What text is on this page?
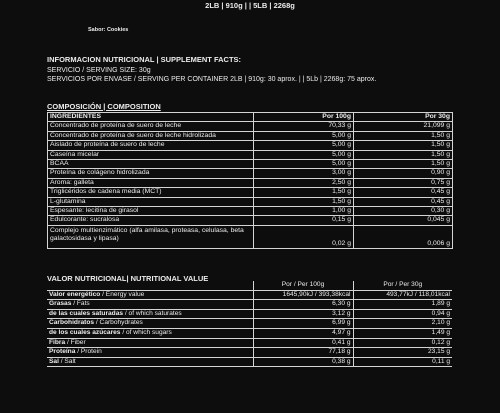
2LB | 910g | | 5LB | 2268g
Sabor: Cookies
INFORMACION NUTRICIONAL | SUPPLEMENT FACTS:
SERVICIO / SERVING SIZE: 30g
SERVICIOS POR ENVASE / SERVING PER CONTAINER 2LB | 910g: 30 aprox. | | 5Lb | 2268g: 75 aprox.
COMPOSICIÓN | COMPOSITION
INGREDIENTES	Por 100g	Por 30g
Concentrado de proteína de suero de leche	70,33 g	21,099 g
Concentrado de proteína de suero de leche hidrolizada	5,00 g	1,50 g
Aislado de proteína de suero de leche	5,00 g	1,50 g
Caseína micelar	5,00 g	1,50 g
BCAA	5,00 g	1,50 g
Proteína de colágeno hidrolizada	3,00 g	0,90 g
Aroma: galleta	2,50 g	0,75 g
Triglicéridos de cadena media (MCT)	1,50 g	0,45 g
L-glutamina	1,50 g	0,45 g
Espesante: lecitina de girasol	1,00 g	0,30 g
Edulcorante: sucralosa	0,15 g	0,045 g
Complejo multienzimático (alfa amilasa, proteasa, celulasa, beta galactosidasa y lipasa)	0,02 g	0,006 g
VALOR NUTRICIONAL| NUTRITIONAL VALUE
	Por / Per 100g	Por / Per 30g
Valor energético / Energy value	1645,90kJ / 393,38kcal	493,77kJ / 118,01kcal
Grasas / Fats	6,30 g	1,89 g
de las cuales saturadas / of which saturates	3,12 g	0,94 g
Carbohidratos / Carbohydrates	6,99 g	2,10 g
de los cuales azúcares / of which sugars	4,97 g	1,49 g
Fibra / Fiber	0,41 g	0,12 g
Proteína / Protein	77,18 g	23,15 g
Sal / Salt	0,38 g	0,11 g
